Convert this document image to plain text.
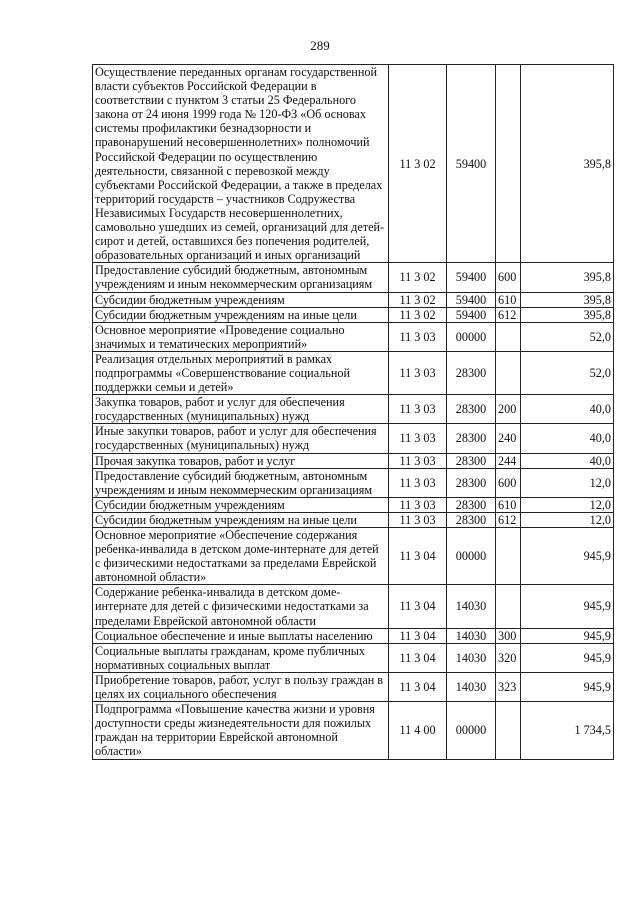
289
Осуществление переданных органам государственной власти субъектов Российской Федерации в соответствии с пунктом 3 статьи 25 Федерального закона от 24 июня 1999 года № 120-ФЗ «Об основах системы профилактики безнадзорности и правонарушений несовершеннолетних» полномочий Российской Федерации по осуществлению деятельности, связанной с перевозкой между субъектами Российской Федерации, а также в пределах территорий государств – участников Содружества Независимых Государств несовершеннолетних, самовольно ушедших из семей, организаций для детей-сирот и детей, оставшихся без попечения родителей, образовательных организаций и иных организаций	11 3 02	59400		395,8
Предоставление субсидий бюджетным, автономным учреждениям и иным некоммерческим организациям	11 3 02	59400	600	395,8
Субсидии бюджетным учреждениям	11 3 02	59400	610	395,8
Субсидии бюджетным учреждениям на иные цели	11 3 02	59400	612	395,8
Основное мероприятие «Проведение социально значимых и тематических мероприятий»	11 3 03	00000		52,0
Реализация отдельных мероприятий в рамках подпрограммы «Совершенствование социальной поддержки семьи и детей»	11 3 03	28300		52,0
Закупка товаров, работ и услуг для обеспечения государственных (муниципальных) нужд	11 3 03	28300	200	40,0
Иные закупки товаров, работ и услуг для обеспечения государственных (муниципальных) нужд	11 3 03	28300	240	40,0
Прочая закупка товаров, работ и услуг	11 3 03	28300	244	40,0
Предоставление субсидий бюджетным, автономным учреждениям и иным некоммерческим организациям	11 3 03	28300	600	12,0
Субсидии бюджетным учреждениям	11 3 03	28300	610	12,0
Субсидии бюджетным учреждениям на иные цели	11 3 03	28300	612	12,0
Основное мероприятие «Обеспечение содержания ребенка-инвалида в детском доме-интернате для детей с физическими недостатками за пределами Еврейской автономной области»	11 3 04	00000		945,9
Содержание ребенка-инвалида в детском доме-интернате для детей с физическими недостатками за пределами Еврейской автономной области	11 3 04	14030		945,9
Социальное обеспечение и иные выплаты населению	11 3 04	14030	300	945,9
Социальные выплаты гражданам, кроме публичных нормативных социальных выплат	11 3 04	14030	320	945,9
Приобретение товаров, работ, услуг в пользу граждан в целях их социального обеспечения	11 3 04	14030	323	945,9
Подпрограмма «Повышение качества жизни и уровня доступности среды жизнедеятельности для пожилых граждан на территории Еврейской автономной области»	11 4 00	00000		1 734,5
